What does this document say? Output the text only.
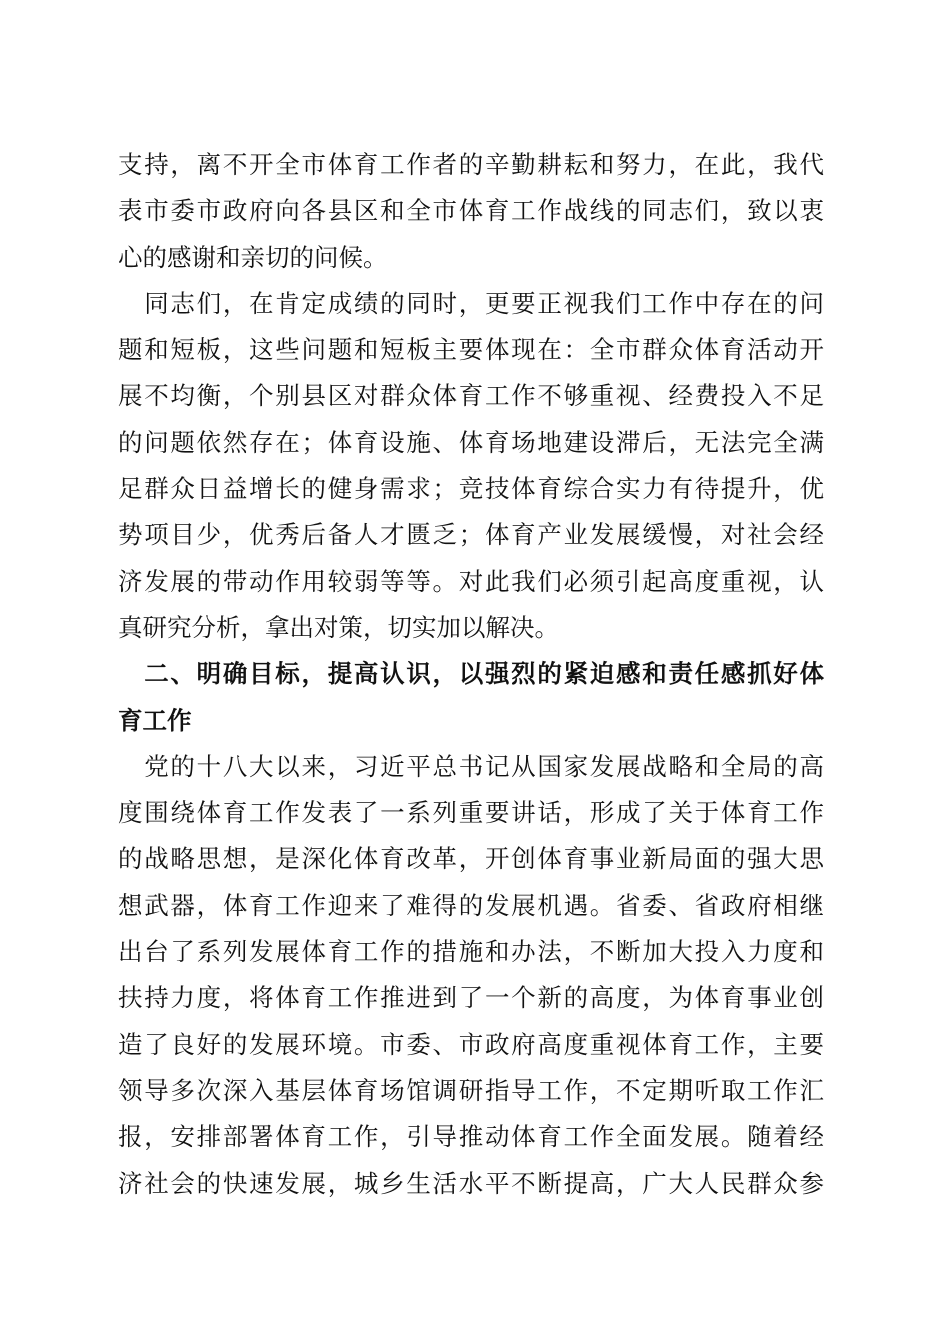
支持，离不开全市体育工作者的辛勤耕耘和努力，在此，我代
表市委市政府向各县区和全市体育工作战线的同志们，致以衷
心的感谢和亲切的问候。
　同志们，在肯定成绩的同时，更要正视我们工作中存在的问
题和短板，这些问题和短板主要体现在：全市群众体育活动开
展不均衡，个别县区对群众体育工作不够重视、经费投入不足
的问题依然存在；体育设施、体育场地建设滞后，无法完全满
足群众日益增长的健身需求；竞技体育综合实力有待提升，优
势项目少，优秀后备人才匮乏；体育产业发展缓慢，对社会经
济发展的带动作用较弱等等。对此我们必须引起高度重视，认
真研究分析，拿出对策，切实加以解决。
　二、明确目标，提高认识，以强烈的紧迫感和责任感抓好体
育工作
　党的十八大以来，习近平总书记从国家发展战略和全局的高
度围绕体育工作发表了一系列重要讲话，形成了关于体育工作
的战略思想，是深化体育改革，开创体育事业新局面的强大思
想武器，体育工作迎来了难得的发展机遇。省委、省政府相继
出台了系列发展体育工作的措施和办法，不断加大投入力度和
扶持力度，将体育工作推进到了一个新的高度，为体育事业创
造了良好的发展环境。市委、市政府高度重视体育工作，主要
领导多次深入基层体育场馆调研指导工作，不定期听取工作汇
报，安排部署体育工作，引导推动体育工作全面发展。随着经
济社会的快速发展，城乡生活水平不断提高，广大人民群众参
